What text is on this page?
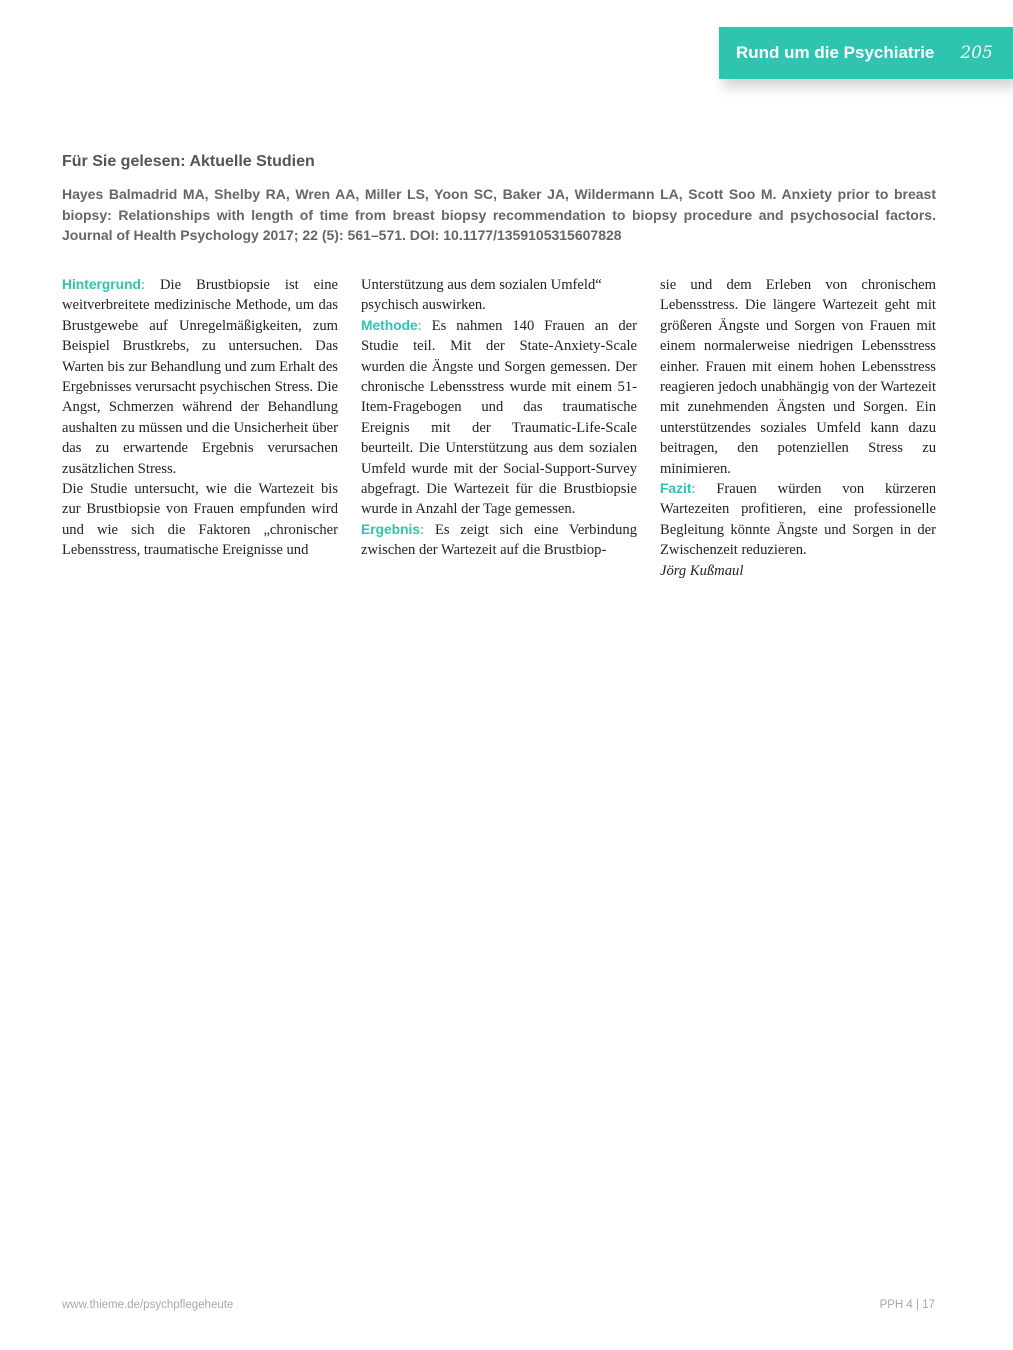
Rund um die Psychiatrie 205
Für Sie gelesen: Aktuelle Studien

Hayes Balmadrid MA, Shelby RA, Wren AA, Miller LS, Yoon SC, Baker JA, Wildermann LA, Scott Soo M. Anxiety prior to breast biopsy: Relationships with length of time from breast biopsy recommendation to biopsy procedure and psychosocial factors. Journal of Health Psychology 2017; 22 (5): 561–571. DOI: 10.1177/1359105315607828

Hintergrund: Die Brustbiopsie ist eine weitverbreitete medizinische Methode, um das Brustgewebe auf Unregelmäßigkeiten, zum Beispiel Brustkrebs, zu untersuchen. Das Warten bis zur Behandlung und zum Erhalt des Ergebnisses verursacht psychischen Stress. Die Angst, Schmerzen während der Behandlung aushalten zu müssen und die Unsicherheit über das zu erwartende Ergebnis verursachen zusätzlichen Stress.

Die Studie untersucht, wie die Wartezeit bis zur Brustbiopsie von Frauen empfunden wird und wie sich die Faktoren „chronischer Lebensstress, traumatische Ereignisse und

Unterstützung aus dem sozialen Umfeld“ psychisch auswirken.

Methode: Es nahmen 140 Frauen an der Studie teil. Mit der State-Anxiety-Scale wurden die Ängste und Sorgen gemessen. Der chronische Lebensstress wurde mit einem 51-Item-Fragebogen und das traumatische Ereignis mit der Traumatic-Life-Scale beurteilt. Die Unterstützung aus dem sozialen Umfeld wurde mit der Social-Support-Survey abgefragt. Die Wartezeit für die Brustbiopsie wurde in Anzahl der Tage gemessen.

Ergebnis: Es zeigt sich eine Verbindung zwischen der Wartezeit auf die Brustbiop-

sie und dem Erleben von chronischem Lebensstress. Die längere Wartezeit geht mit größeren Ängste und Sorgen von Frauen mit einem normalerweise niedrigen Lebensstress einher. Frauen mit einem hohen Lebensstress reagieren jedoch unabhängig von der Wartezeit mit zunehmenden Ängsten und Sorgen. Ein unterstützendes soziales Umfeld kann dazu beitragen, den potenziellen Stress zu minimieren.

Fazit: Frauen würden von kürzeren Wartezeiten profitieren, eine professionelle Begleitung könnte Ängste und Sorgen in der Zwischenzeit reduzieren.

Jörg Kußmaul

www.thieme.de/psychpflegeheute	PPH 4 | 17
